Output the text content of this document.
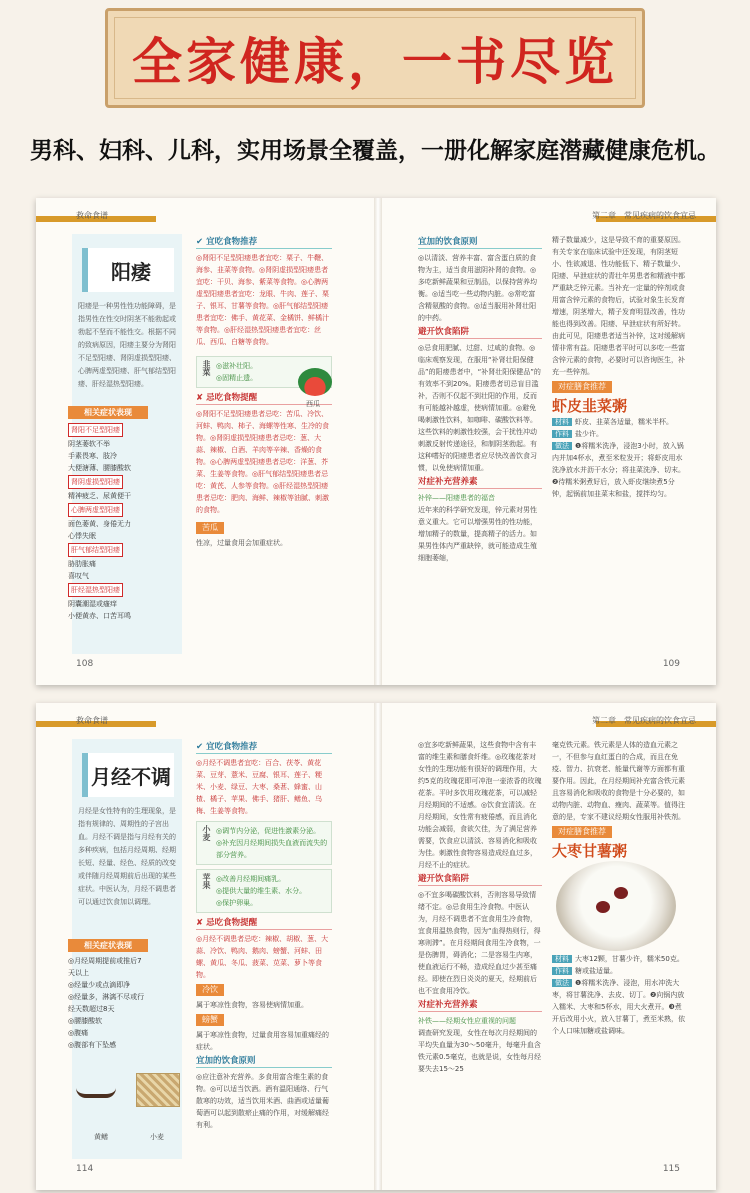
全家健康，一书尽览
男科、妇科、儿科，实用场景全覆盖，一册化解家庭潜藏健康危机。
救命食谱	第二章　常见疾病的饮食宜忌
阳痿
阳痿是一种男性性功能障碍，是指男性在性交时阴茎不能勃起或勃起不坚而不能性交。根据不同的致病原因，阳痿主要分为肾阳不足型阳痿、肾阴虚损型阳痿、心脾两虚型阳痿、肝气郁结型阳痿、肝经湿热型阳痿。
相关症状表现
肾阳不足型阳痿
阴茎萎软不举
手素畏寒、肢冷
大便溏薄、腰膝酸软
肾阴虚损型阳痿
精神疲乏、尿黄便干
心脾两虚型阳痿
面色萎黄、身倦无力
心悸失眠
肝气郁结型阳痿
胁肋胀痛
喜叹气
肝经湿热型阳痿
阴囊潮湿或瘙痒
小便黄赤、口苦耳鸣
✔ 宜吃食物推荐
◎肾阳不足型阳痿患者宜吃：栗子、牛鞭、海参、韭菜等食物。◎肾阴虚损型阳痿患者宜吃：干贝、海参、紫菜等食物。◎心脾两虚型阳痿患者宜吃：龙眼、牛肉、莲子、栗子、银耳、甘薯等食物。◎肝气郁结型阳痿患者宜吃：佛手、黄花菜、金橘饼、鲜橘汁等食物。◎肝经湿热型阳痿患者宜吃：丝瓜、西瓜、白糖等食物。
韭菜 ◎滋补壮阳。
◎固精止遗。
✘ 忌吃食物提醒
◎肾阳不足型阳痿患者忌吃：苦瓜、冷饮、河蚌、鸭肉、柿子、海螺等性寒、生冷的食物。◎肾阴虚损型阳痿患者忌吃：葱、大蒜、辣椒、白酒、羊肉等辛辣、香燥的食物。◎心脾两虚型阳痿患者忌吃：洋葱、芥菜、生姜等食物。◎肝气郁结型阳痿患者忌吃：黄芪、人参等食物。◎肝经湿热型阳痿患者忌吃：肥肉、海鲜、辣椒等油腻、刺激的食物。
苦瓜
性凉，过量食用会加重症状。
西瓜
宜加的饮食原则
◎以清淡、营养丰富、富含蛋白质的食物为主，适当食用滋阴补肾的食物。◎多吃新鲜蔬果和豆制品，以保持营养均衡。◎适当吃一些动物内脏。◎常吃富含精氨酸的食物。◎适当服用补肾壮阳的中药。
避开饮食陷阱
◎忌食用肥腻、过甜、过咸的食物。◎临床观察发现，在服用“补肾壮阳保健品”的阳痿患者中，“补肾壮阳保健品”的有效率不到20%。阳痿患者切忌盲目滥补，否则不仅起不到壮阳的作用，反而有可能越补越虚，使病情加重。◎避免喝刺激性饮料，如咖啡、碳酸饮料等。这些饮料的刺激性较强，会干扰性冲动刺激反射传递途径，和制阴茎勃起。有这种嗜好的阳痿患者应尽快改善饮食习惯，以免使病情加重。
对症补充营养素
补锌——阳痿患者的福音
近年来的科学研究发现，锌元素对男性意义重大。它可以增强男性的性功能，增加精子的数量，提高精子的活力。如果男性体内严重缺锌，就可能造成生殖细胞萎缩，
精子数量减少，这是导致不育的重要原因。有关专家在临床试验中还发现，有阴茎短小、性欲减退、性功能低下、精子数量少、阳痿、早泄症状的青壮年男患者和精液中都严重缺乏锌元素。当补充一定量的锌剂或食用富含锌元素的食物后，试验对象生长发育增速，阴茎增大，精子发育明显改善，性功能也得到改善。阳痿、早泄症状有所好转。由此可见，阳痿患者适当补锌，这对缓解病情非常有益。阳痿患者平时可以多吃一些富含锌元素的食物，必要时可以咨询医生，补充一些锌剂。
对症膳食推荐
虾皮韭菜粥
材料 虾皮、韭菜各适量，糯米半杯。
作料 盐少许。
做法 ❶将糯米洗净，浸泡3小时，放入锅内并加4杯水，煮至米粒发开；将虾皮用水洗净放水并沥干水分；将韭菜洗净、切末。❷待糯米粥煮好后，放入虾皮继续煮5分钟，起锅前加韭菜末和盐，搅拌均匀。
108	109
救命食谱	第二章　常见疾病的饮食宜忌
月经不调
月经是女性特有的生理现象，是指有规律的、周期性的子宫出血。月经不调是指与月经有关的多种疾病，包括月经周期、经期长短、经量、经色、经质的改变或伴随月经周期前后出现的某些症状。中医认为，月经不调患者可以通过饮食加以调理。
相关症状表现
◎月经周期提前或推后7天以上
◎经量少或点滴即净
◎经量多，淋漓不尽或行经天数超过8天
◎腰膝酸软
◎腹痛
◎腹部有下坠感
黄鳝	小麦
✔ 宜吃食物推荐
◎月经不调患者宜吃：百合、茯苓、黄花菜、豆芽、薏米、豆腐、银耳、莲子、粳米、小麦、绿豆、大枣、桑葚、蜂蜜、山楂、橘子、苹果、佛手、猪肝、鳝鱼、乌梅、生姜等食物。
小麦 ◎调节内分泌，促进性激素分泌。
◎补充因月经期间损失血液而流失的部分营养。
苹果 ◎改善月经期间痛乳。
◎提供大量的维生素、水分。
◎保护卵巢。
✘ 忌吃食物提醒
◎月经不调患者忌吃：辣椒、胡椒、葱、大蒜、冷饮、鸭肉、鹅肉、螃蟹、河蚌、田螺、黄瓜、冬瓜、菠菜、苋菜、萝卜等食物。
冷饮
属于寒凉性食物，容易使病情加重。
螃蟹
属于寒凉性食物，过量食用容易加重痛经的症状。
宜加的饮食原则
◎应注意补充营养。多食用富含维生素的食物。◎可以适当饮酒。酒有温阳通络、行气散寒的功效，适当饮用米酒、曲酒或适量葡萄酒可以起到散瘀止痛的作用，对缓解痛经有利。
◎宜多吃新鲜蔬果，这些食物中含有丰富的维生素和膳食纤维。◎玫瑰花茶对女性的生理功能有很好的调理作用，大约5克的玫瑰花即可冲泡一壶浓香的玫瑰花茶。平时多饮用玫瑰花茶，可以减轻月经期间的不适感。◎饮食宜清淡。在月经期间，女性常有疲倦感，而且消化功能会减弱，食欲欠佳，为了满足营养需要，饮食应以清淡、容易消化和吸收为佳。刺激性食物容易造成经血过多，月经不止的症状。
避开饮食陷阱
◎不宜多喝碳酸饮料，否则容易导致情绪不定。◎忌食用生冷食物。中医认为，月经不调患者不宜食用生冷食物，宜食用温热食物，因为“血得热则行，得寒则滞”。在月经期间食用生冷食物，一是伤脾胃，碍消化；二是容易生内寒，使血液运行不畅，造成经血过少甚至痛经。即使在烈日炎炎的夏天，经期前后也不宜食用冷饮。
对症补充营养素
补铁——经期女性应重视的问题
调查研究发现，女性在每次月经期间的平均失血量为30～50毫升，每毫升血含铁元素0.5毫克，也就是说，女性每月经要失去15～25
毫克铁元素。铁元素是人体的造血元素之一，不但参与血红蛋白的合成，而且在免疫、智力、抗衰老、能量代谢等方面都有重要作用。因此，在月经期间补充富含铁元素且容易消化和吸收的食物是十分必要的，如动物内脏、动物血、瘦肉、蔬菜等。值得注意的是，专家不建议经期女性服用补铁剂。
对症膳食推荐
大枣甘薯粥
材料 大枣12颗，甘薯少许，糯米50克。
作料 糖或盐适量。
做法 ❶将糯米洗净、浸泡，用水冲洗大枣，将甘薯洗净、去皮、切丁。❷向锅内放入糯米、大枣和5杯水，用大火煮开。❸煮开后改用小火，放入甘薯丁，煮至米熟，依个人口味加糖或盐调味。
114	115
